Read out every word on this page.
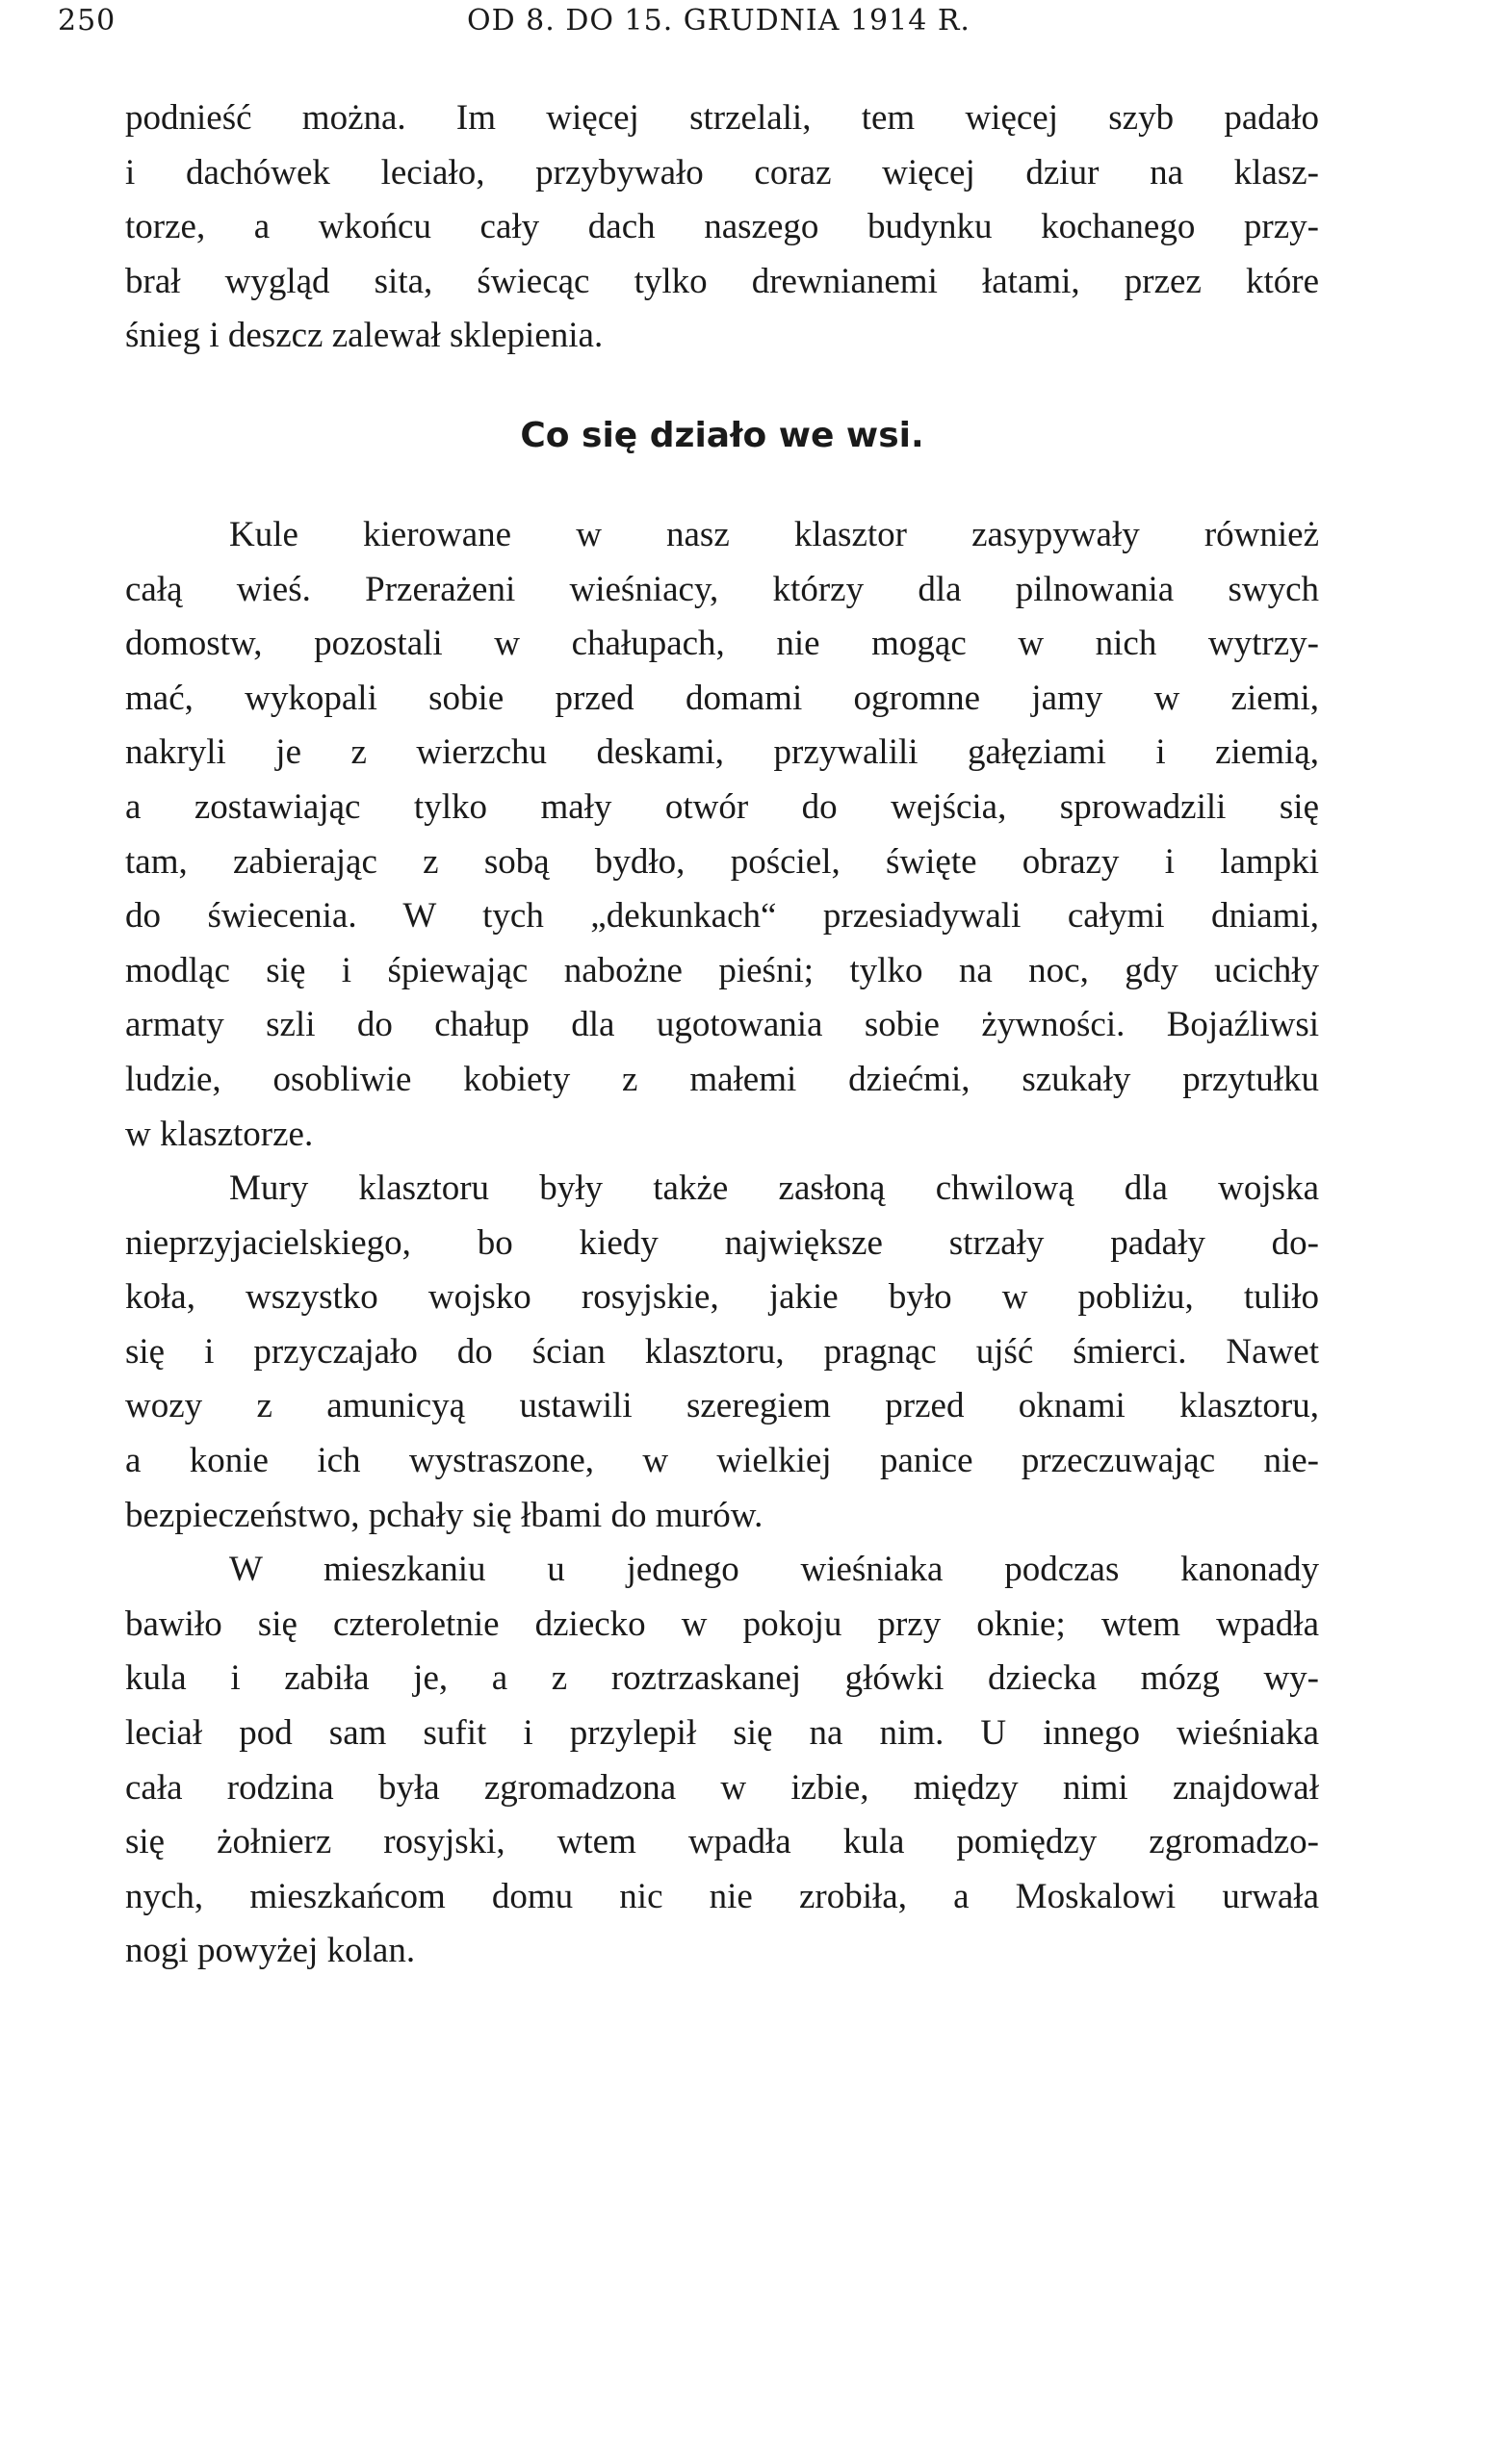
250	OD 8. DO 15. GRUDNIA 1914 R.
podnieść można. Im więcej strzelali, tem więcej szyb padało
i dachówek leciało, przybywało coraz więcej dziur na klasz-
torze, a wkońcu cały dach naszego budynku kochanego przy-
brał wygląd sita, świecąc tylko drewnianemi łatami, przez które
śnieg i deszcz zalewał sklepienia.
Co się działo we wsi.
Kule kierowane w nasz klasztor zasypywały również
całą wieś. Przerażeni wieśniacy, którzy dla pilnowania swych
domostw, pozostali w chałupach, nie mogąc w nich wytrzy-
mać, wykopali sobie przed domami ogromne jamy w ziemi,
nakryli je z wierzchu deskami, przywalili gałęziami i ziemią,
a zostawiając tylko mały otwór do wejścia, sprowadzili się
tam, zabierając z sobą bydło, pościel, święte obrazy i lampki
do świecenia. W tych „dekunkach“ przesiadywali całymi dniami,
modląc się i śpiewając nabożne pieśni; tylko na noc, gdy ucichły
armaty szli do chałup dla ugotowania sobie żywności. Bojaźliwsi
ludzie, osobliwie kobiety z małemi dziećmi, szukały przytułku
w klasztorze.
Mury klasztoru były także zasłoną chwilową dla wojska
nieprzyjacielskiego, bo kiedy największe strzały padały do-
koła, wszystko wojsko rosyjskie, jakie było w pobliżu, tuliło
się i przyczajało do ścian klasztoru, pragnąc ujść śmierci. Nawet
wozy z amunicyą ustawili szeregiem przed oknami klasztoru,
a konie ich wystraszone, w wielkiej panice przeczuwając nie-
bezpieczeństwo, pchały się łbami do murów.
W mieszkaniu u jednego wieśniaka podczas kanonady
bawiło się czteroletnie dziecko w pokoju przy oknie; wtem wpadła
kula i zabiła je, a z roztrzaskanej główki dziecka mózg wy-
leciał pod sam sufit i przylepił się na nim. U innego wieśniaka
cała rodzina była zgromadzona w izbie, między nimi znajdował
się żołnierz rosyjski, wtem wpadła kula pomiędzy zgromadzo-
nych, mieszkańcom domu nic nie zrobiła, a Moskalowi urwała
nogi powyżej kolan.
